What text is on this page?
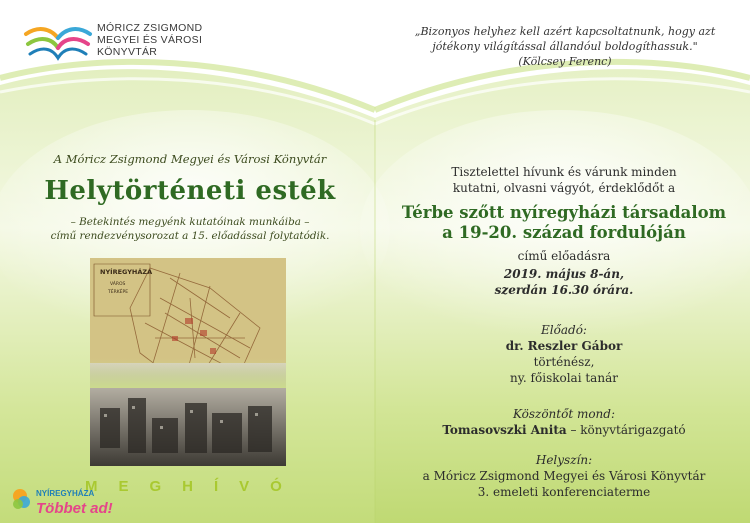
MÓRICZ ZSIGMOND
MEGYEI ÉS VÁROSI
KÖNYVTÁR
„Bizonyos helyhez kell azért kapcsoltatnunk, hogy azt
jótékony világítással állandóul boldogíthassuk."
(Kölcsey Ferenc)
A Móricz Zsigmond Megyei és Városi Könyvtár
Helytörténeti esték
– Betekintés megyénk kutatóinak munkáiba –
című rendezvénysorozat a 15. előadással folytatódik.
NYÍREGYHÁZA
VÁROS
TÉRKÉPE
MEGHÍVÓ
NYÍREGYHÁZA
Többet ad!
Tisztelettel hívunk és várunk minden
kutatni, olvasni vágyót, érdeklődőt a
Térbe szőtt nyíregyházi társadalom
a 19-20. század fordulóján
című előadásra
2019. május 8-án,
szerdán 16.30 órára.
Előadó:
dr. Reszler Gábor
történész,
ny. főiskolai tanár
Köszöntőt mond:
Tomasovszki Anita – könyvtárigazgató
Helyszín:
a Móricz Zsigmond Megyei és Városi Könyvtár
3. emeleti konferenciaterme
